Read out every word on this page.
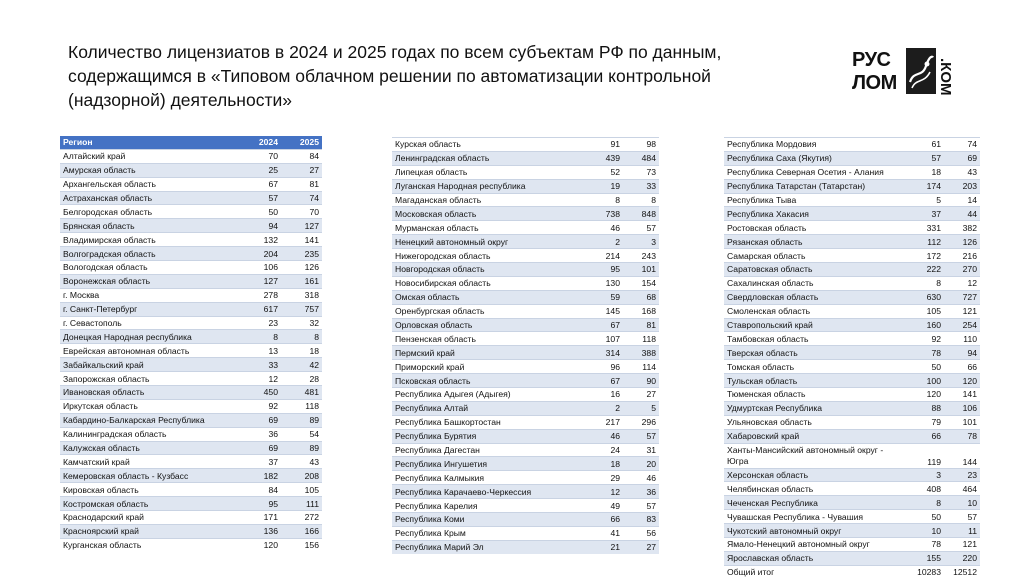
Количество лицензиатов в 2024 и 2025 годах по всем субъектам РФ по данным,
содержащимся в «Типовом облачном решении по автоматизации контрольной
(надзорной) деятельности»
РУС
ЛОМ	.КОМ
Регион	2024	2025
Алтайский край	70	84
Амурская область	25	27
Архангельская область	67	81
Астраханская область	57	74
Белгородская область	50	70
Брянская область	94	127
Владимирская область	132	141
Волгоградская область	204	235
Вологодская область	106	126
Воронежская область	127	161
г. Москва	278	318
г. Санкт-Петербург	617	757
г. Севастополь	23	32
Донецкая Народная республика	8	8
Еврейская автономная область	13	18
Забайкальский край	33	42
Запорожская область	12	28
Ивановская область	450	481
Иркутская область	92	118
Кабардино-Балкарская Республика	69	89
Калининградская область	36	54
Калужская область	69	89
Камчатский край	37	43
Кемеровская область - Кузбасс	182	208
Кировская область	84	105
Костромская область	95	111
Краснодарский край	171	272
Красноярский край	136	166
Курганская область	120	156
Курская область	91	98
Ленинградская область	439	484
Липецкая область	52	73
Луганская Народная республика	19	33
Магаданская область	8	8
Московская область	738	848
Мурманская область	46	57
Ненецкий автономный округ	2	3
Нижегородская область	214	243
Новгородская область	95	101
Новосибирская область	130	154
Омская область	59	68
Оренбургская область	145	168
Орловская область	67	81
Пензенская область	107	118
Пермский край	314	388
Приморский край	96	114
Псковская область	67	90
Республика Адыгея (Адыгея)	16	27
Республика Алтай	2	5
Республика Башкортостан	217	296
Республика Бурятия	46	57
Республика Дагестан	24	31
Республика Ингушетия	18	20
Республика Калмыкия	29	46
Республика Карачаево-Черкессия	12	36
Республика Карелия	49	57
Республика Коми	66	83
Республика Крым	41	56
Республика Марий Эл	21	27
Республика Мордовия	61	74
Республика Саха (Якутия)	57	69
Республика Северная Осетия - Алания	18	43
Республика Татарстан (Татарстан)	174	203
Республика Тыва	5	14
Республика Хакасия	37	44
Ростовская область	331	382
Рязанская область	112	126
Самарская область	172	216
Саратовская область	222	270
Сахалинская область	8	12
Свердловская область	630	727
Смоленская область	105	121
Ставропольский край	160	254
Тамбовская область	92	110
Тверская область	78	94
Томская область	50	66
Тульская область	100	120
Тюменская область	120	141
Удмуртская Республика	88	106
Ульяновская область	79	101
Хабаровский край	66	78
Ханты-Мансийский автономный округ - Югра	119	144
Херсонская область	3	23
Челябинская область	408	464
Чеченская Республика	8	10
Чувашская Республика - Чувашия	50	57
Чукотский автономный округ	10	11
Ямало-Ненецкий автономный округ	78	121
Ярославская область	155	220
Общий итог	10283	12512
